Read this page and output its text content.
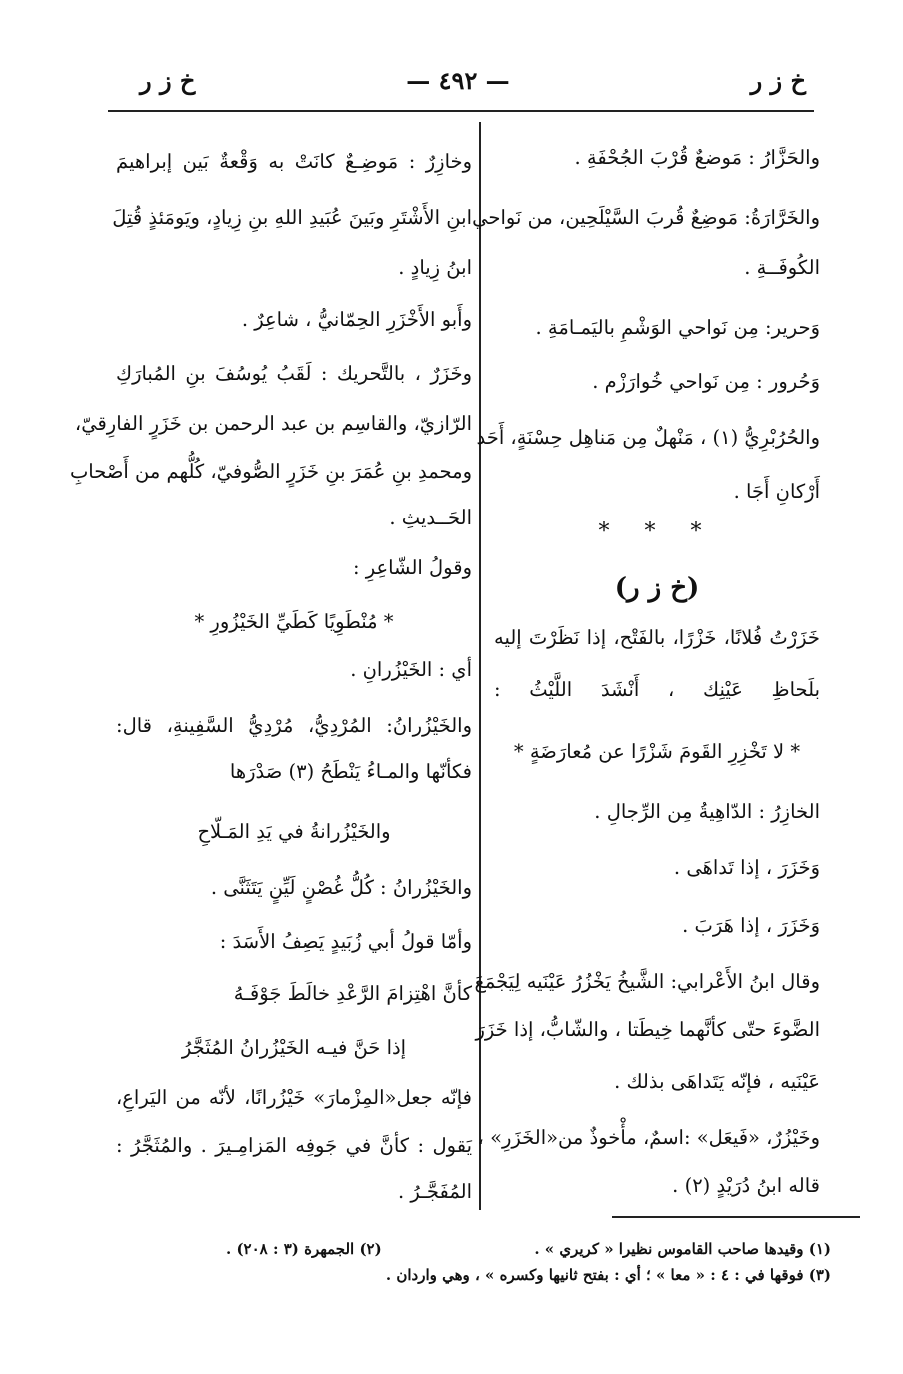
خ ز ر
— ٤٩٢ —
خ ز ر
والحَزَّارُ : مَوضعٌ قُرْبَ الجُحْفَةِ .
والخَرَّارَةُ: مَوضِعٌ قُربَ السَّيْلَحِين، من نَواحي
الكُوفَــةِ .
وَحرير: مِن نَواحي الوَشْمِ باليَمـامَةِ .
وَحُرور : مِن نَواحي خُوارَزْم .
والحُرُبْرِيُّ (١) ، مَنْهلٌ مِن مَناهِل حِسْنَةٍ، أَحَد
أَرْكانِ أَجَا .
* * *
(خ ز ر)
خَزَرْتُ فُلانًا، خَزْرًا، بالفَتْح، إذا نَظَرْتَ إليه
بلَحاظِ عَيْنِك ، أَنْشَدَ اللَّيْثُ :
* لا تَخْزِرِ القَومَ شَزْرًا عن مُعارَضَةٍ *
الخازِرُ : الدّاهِيةُ مِن الرِّجالِ .
وَخَزَرَ ، إذا تَداهَى .
وَخَزَرَ ، إذا هَرَبَ .
وقال ابنُ الأَعْرابي: الشَّيخُ يَخْزُرُ عَيْنَيه لِيَجْمَعَ
الضَّوءَ حتّى كأنَّهما خِيطَتا ، والشّابُّ، إذا خَزَرَ
عَيْنَيه ، فإنّه يَتَداهَى بذلك .
وخَيْزُرٌ، «فَيعَل» :اسمٌ، مأْخوذٌ من«الخَزَرِ» ،
قاله ابنُ دُرَيْدٍ (٢) .
وخازِرٌ : مَوضِـعٌ كانَتْ به وَقْعةٌ بَين إبراهيمَ
ابنِ الأَشْتَرِ وبَينَ عُبَيدِ اللهِ بنِ زِيادٍ، ويَومَئذٍ قُتِلَ
ابنُ زِيادٍ .
وأَبو الأَخْزَرِ الحِمّانيُّ ، شاعِرٌ .
وخَزَرٌ ، بالتَّحريك : لَقَبُ يُوسُفَ بنِ المُبارَكِ
الرّازيّ، والقاسِم بن عبد الرحمن بن خَزَرٍ الفارِقيّ،
ومحمدِ بنِ عُمَرَ بنِ خَزَرٍ الصُّوفيّ، كُلُّهم من أَصْحابِ
الحَــديثِ .
وقولُ الشّاعِرِ :
* مُنْطَوِيًا كَطَيِّ الخَيْزُورِ *
أي : الخَيْزُرانِ .
والخَيْزُرانُ: المُرْدِيُّ، مُرْدِيُّ السَّفِينةِ، قال:
فكأنّها والمـاءُ يَنْطَحُ (٣) صَدْرَها
والخَيْزُرانةُ في يَدِ المَـلّاحِ
والخَيْزُرانُ : كُلُّ غُصْنٍ لَيِّنٍ يَتَثَنَّى .
وأمّا قولُ أبي زُبَيدٍ يَصِفُ الأَسَدَ :
كأنَّ اهْتِزامَ الرَّعْدِ خالَطَ جَوْفَـهُ
إذا حَنَّ فيـه الخَيْزُرانُ المُثَجَّرُ
فإنّه جعل«المِزْمارَ» خَيْزُرانًا، لأنّه من اليَراعِ،
يَقول : كأنَّ في جَوفِه المَزامِـيرَ . والمُثَجَّرُ :
المُفَجَّـرُ .
(١) وقيدها صاحب القاموس نظيرا « كريري » .
(٢) الجمهرة (٣ : ٢٠٨) .
(٣) فوقها في : ٤ : « معا » ؛ أي : بفتح ثانيها وكسره » ، وهي واردان .
